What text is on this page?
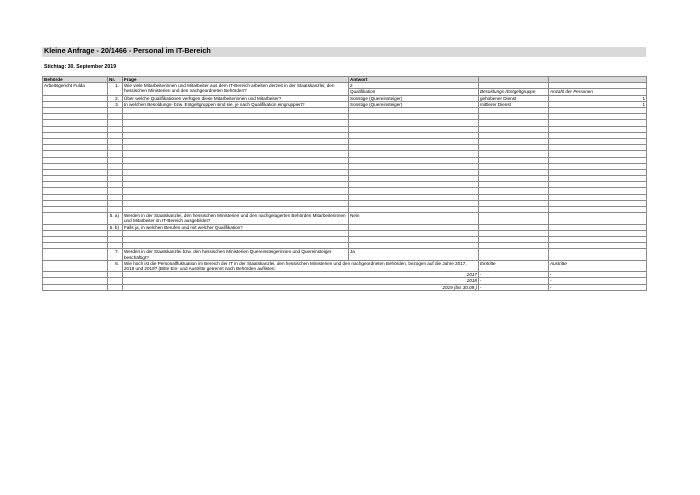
Kleine Anfrage - 20/1466 - Personal im IT-Bereich
Stichtag: 30. September 2019
Behörde	Nr.	Frage	Antwort		
Arbeitsgericht Fulda	1.	Wie viele Mitarbeiterinnen und Mitarbeiter aus dem IT-Bereich arbeiten derzeit in der Staatskanzlei, den hessischen Ministerien und den nachgeordneten Behörden?	2		
			Qualifikation	Besoldungs-/Entgeltgruppe	Anzahl der Personen
	2.	Über welche Qualifikationen verfügen diese Mitarbeiterinnen und Mitarbeiter?	Sonstige (Quereinsteiger)	gehobener Dienst	1
	3.	In welchen Besoldungs- bzw. Entgeltgruppen sind sie, je nach Qualifikation eingruppiert?	Sonstige (Quereinsteiger)	mittlerer Dienst	1

	5. a)	Werden in der Staatskanzlei, den hessischen Ministerien und den nachgelagerten Behörden Mitarbeiterinnen und Mitarbeiter im IT-Bereich ausgebildet?	Nein		
	5. b)	Falls ja, in welchen Berufen und mit welcher Qualifikation?			

	7.	Werden in der Staatskanzlei bzw. den hessischen Ministerien Quereinsteigerinnen und Quereinsteiger beschäftigt?	Ja		
	8.	Wie hoch ist die Personalfluktuation im Bereich der IT in der Staatskanzlei, den hessischen Ministerien und den nachgeordneten Behörden, bezogen auf die Jahre 2017, 2018 und 2019? (Bitte Ein- und Austritte getrennt nach Behörden auflisten:		Eintritte	Austritte
		2017		-	-
		2018		-	-
		2019 (bis 30.09.)		-	-
